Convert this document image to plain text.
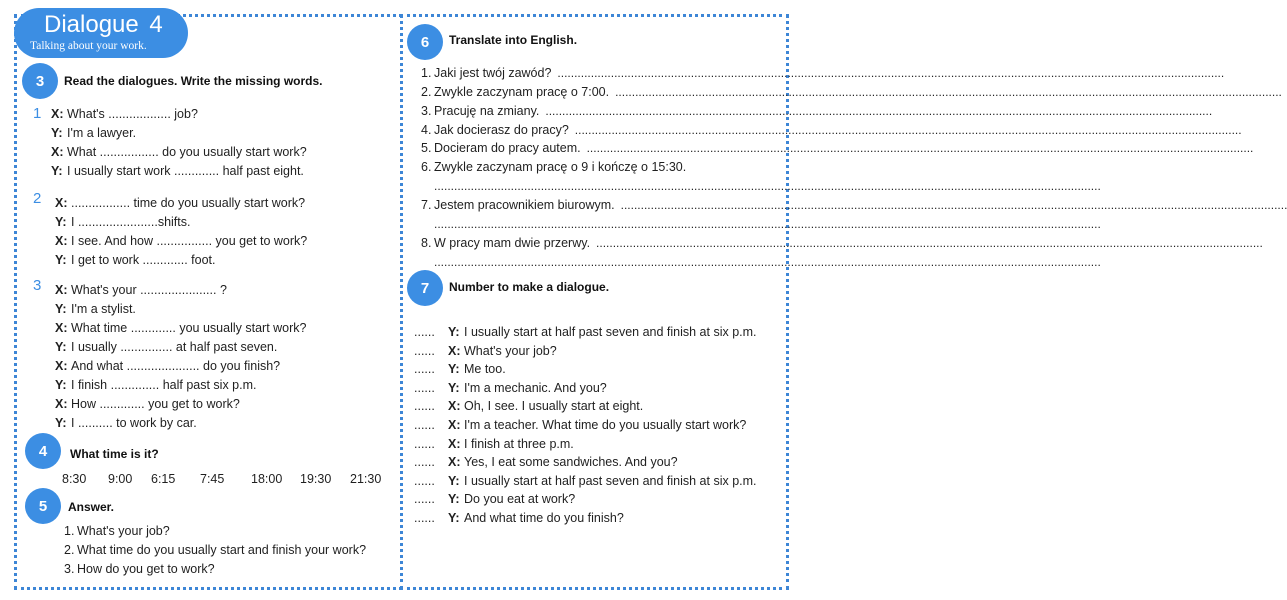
Dialogue 4
Talking about your work.
3	Read the dialogues. Write the missing words.
1 X: What's .................. job?
Y: I'm a lawyer.
X: What ................. do you usually start work?
Y: I usually start work ............. half past eight.
2 X: ................. time do you usually start work?
Y: I .......................shifts.
X: I see. And how ................ you get to work?
Y: I get to work ............. foot.
3 X: What's your ...................... ?
Y: I'm a stylist.
X: What time ............. you usually start work?
Y: I usually ............... at half past seven.
X: And what ..................... do you finish?
Y: I finish .............. half past six p.m.
X: How ............. you get to work?
Y: I .......... to work by car.
4	What time is it?
8:30 9:00 6:15 7:45 18:00 19:30 21:30
5	Answer.
1. What's your job?
2. What time do you usually start and finish your work?
3. How do you get to work?
6	Translate into English.
1. Jaki jest twój zawód? ........................................................................................................................................................................................................
2. Zwykle zaczynam pracę o 7:00. ........................................................................................................................................................................................................
3. Pracuję na zmiany. ........................................................................................................................................................................................................
4. Jak docierasz do pracy? ........................................................................................................................................................................................................
5. Docieram do pracy autem. ........................................................................................................................................................................................................
6. Zwykle zaczynam pracę o 9 i kończę o 15:30.
........................................................................................................................................................................................................
7. Jestem pracownikiem biurowym. ........................................................................................................................................................................................................
........................................................................................................................................................................................................
8. W pracy mam dwie przerwy. ........................................................................................................................................................................................................
........................................................................................................................................................................................................
7	Number to make a dialogue.
...... Y: I usually start at half past seven and finish at six p.m.
...... X: What's your job?
...... Y: Me too.
...... Y: I'm a mechanic. And you?
...... X: Oh, I see. I usually start at eight.
...... X: I'm a teacher. What time do you usually start work?
...... X: I finish at three p.m.
...... X: Yes, I eat some sandwiches. And you?
...... Y: I usually start at half past seven and finish at six p.m.
...... Y: Do you eat at work?
...... Y: And what time do you finish?
